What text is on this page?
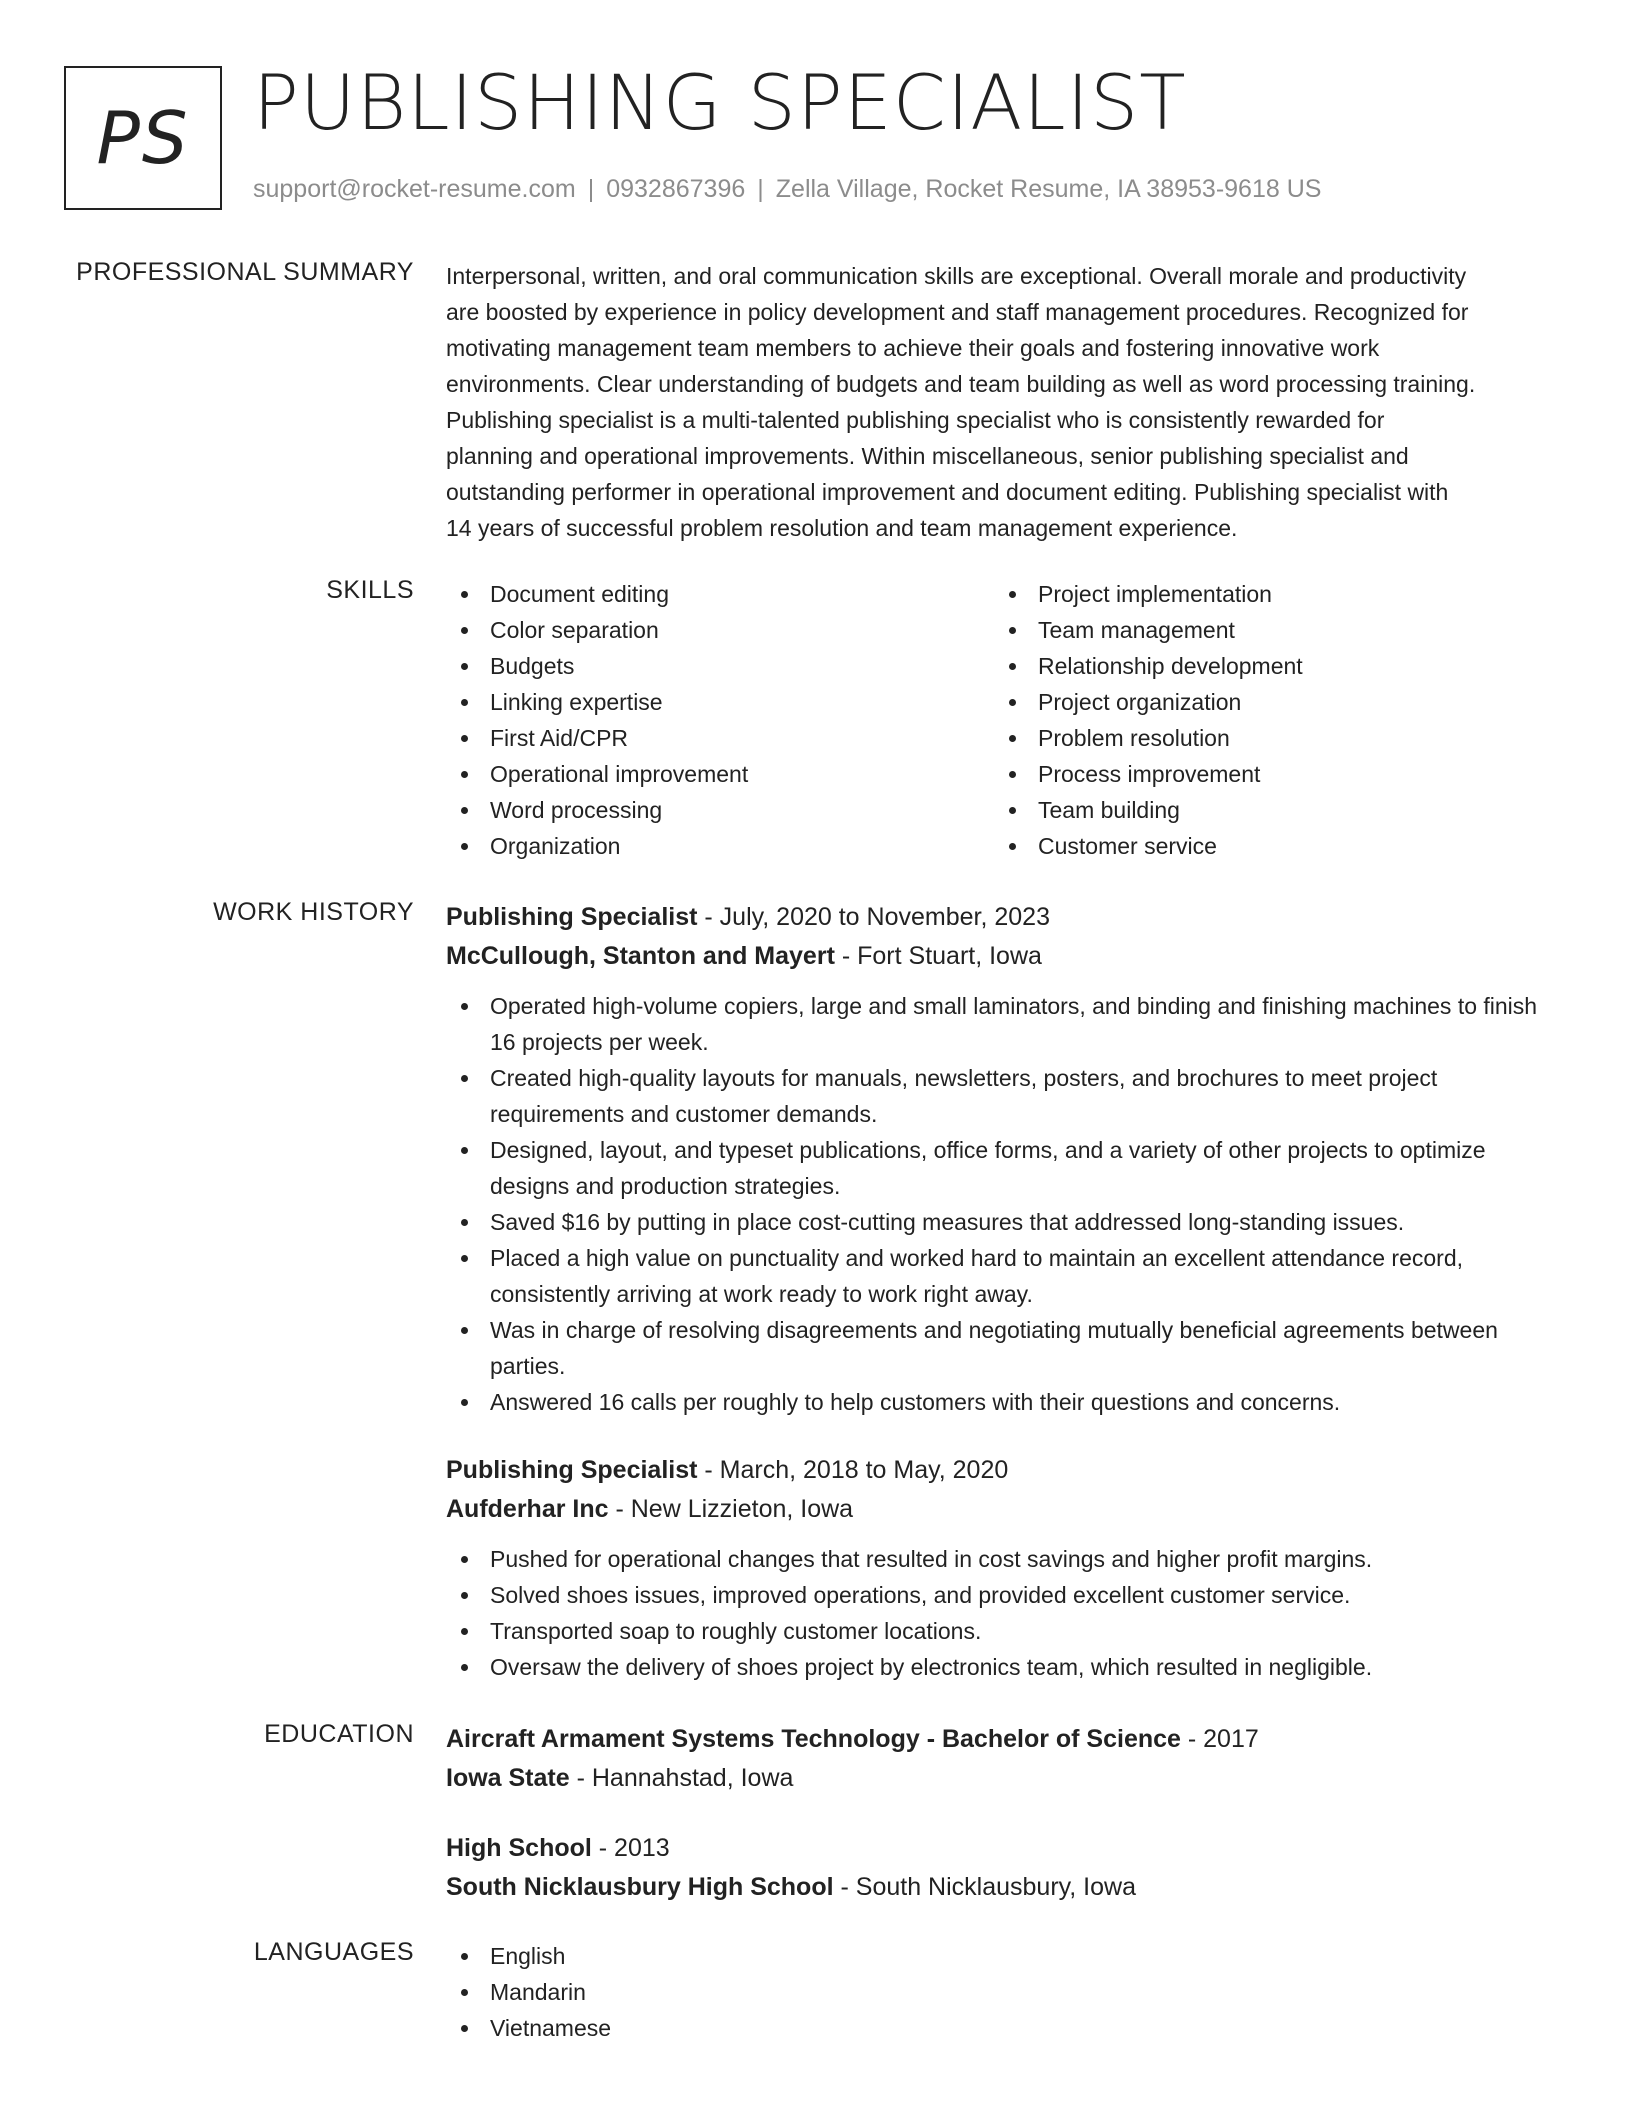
PS PUBLISHING SPECIALIST
support@rocket-resume.com | 0932867396 | Zella Village, Rocket Resume, IA 38953-9618 US
PROFESSIONAL SUMMARY Interpersonal, written, and oral communication skills are exceptional. Overall morale and productivity
are boosted by experience in policy development and staff management procedures. Recognized for
motivating management team members to achieve their goals and fostering innovative work
environments. Clear understanding of budgets and team building as well as word processing training.
Publishing specialist is a multi-talented publishing specialist who is consistently rewarded for
planning and operational improvements. Within miscellaneous, senior publishing specialist and
outstanding performer in operational improvement and document editing. Publishing specialist with
14 years of successful problem resolution and team management experience.
SKILLS	Document editing
Color separation
Budgets
Linking expertise
First Aid/CPR
Operational improvement
Word processing
Organization
Project implementation
Team management
Relationship development
Project organization
Problem resolution
Process improvement
Team building
Customer service
WORK HISTORY Publishing Specialist - July, 2020 to November, 2023
McCullough, Stanton and Mayert - Fort Stuart, Iowa
Operated high-volume copiers, large and small laminators, and binding and finishing machines to finish 16 projects per week.
Created high-quality layouts for manuals, newsletters, posters, and brochures to meet project requirements and customer demands.
Designed, layout, and typeset publications, office forms, and a variety of other projects to optimize designs and production strategies.
Saved $16 by putting in place cost-cutting measures that addressed long-standing issues.
Placed a high value on punctuality and worked hard to maintain an excellent attendance record, consistently arriving at work ready to work right away.
Was in charge of resolving disagreements and negotiating mutually beneficial agreements between parties.
Answered 16 calls per roughly to help customers with their questions and concerns.
Publishing Specialist - March, 2018 to May, 2020
Aufderhar Inc - New Lizzieton, Iowa
Pushed for operational changes that resulted in cost savings and higher profit margins.
Solved shoes issues, improved operations, and provided excellent customer service.
Transported soap to roughly customer locations.
Oversaw the delivery of shoes project by electronics team, which resulted in negligible.
EDUCATION Aircraft Armament Systems Technology - Bachelor of Science - 2017
Iowa State - Hannahstad, Iowa
High School - 2013
South Nicklausbury High School - South Nicklausbury, Iowa
LANGUAGES	English
Mandarin
Vietnamese
